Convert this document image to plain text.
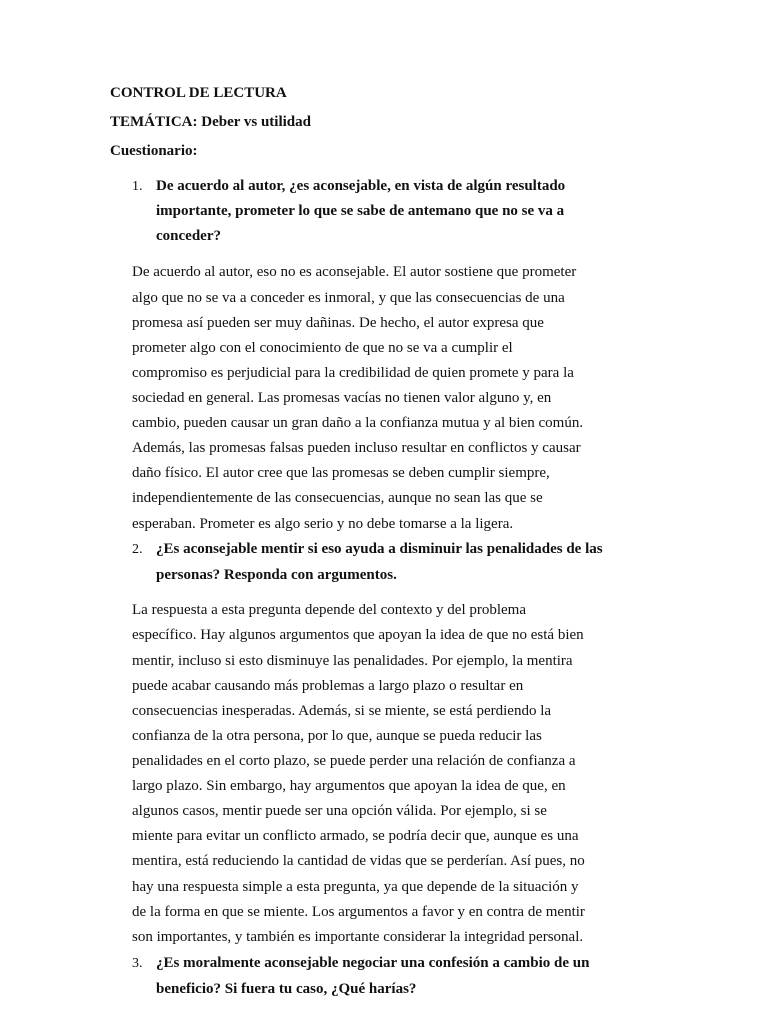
CONTROL DE LECTURA
TEMÁTICA: Deber vs utilidad
Cuestionario:
1. De acuerdo al autor, ¿es aconsejable, en vista de algún resultado
importante, prometer lo que se sabe de antemano que no se va a
conceder?
De acuerdo al autor, eso no es aconsejable. El autor sostiene que prometer
algo que no se va a conceder es inmoral, y que las consecuencias de una
promesa así pueden ser muy dañinas. De hecho, el autor expresa que
prometer algo con el conocimiento de que no se va a cumplir el
compromiso es perjudicial para la credibilidad de quien promete y para la
sociedad en general. Las promesas vacías no tienen valor alguno y, en
cambio, pueden causar un gran daño a la confianza mutua y al bien común.
Además, las promesas falsas pueden incluso resultar en conflictos y causar
daño físico. El autor cree que las promesas se deben cumplir siempre,
independientemente de las consecuencias, aunque no sean las que se
esperaban. Prometer es algo serio y no debe tomarse a la ligera.
2. ¿Es aconsejable mentir si eso ayuda a disminuir las penalidades de las
personas? Responda con argumentos.
La respuesta a esta pregunta depende del contexto y del problema
específico. Hay algunos argumentos que apoyan la idea de que no está bien
mentir, incluso si esto disminuye las penalidades. Por ejemplo, la mentira
puede acabar causando más problemas a largo plazo o resultar en
consecuencias inesperadas. Además, si se miente, se está perdiendo la
confianza de la otra persona, por lo que, aunque se pueda reducir las
penalidades en el corto plazo, se puede perder una relación de confianza a
largo plazo. Sin embargo, hay argumentos que apoyan la idea de que, en
algunos casos, mentir puede ser una opción válida. Por ejemplo, si se
miente para evitar un conflicto armado, se podría decir que, aunque es una
mentira, está reduciendo la cantidad de vidas que se perderían. Así pues, no
hay una respuesta simple a esta pregunta, ya que depende de la situación y
de la forma en que se miente. Los argumentos a favor y en contra de mentir
son importantes, y también es importante considerar la integridad personal.
3. ¿Es moralmente aconsejable negociar una confesión a cambio de un
beneficio? Si fuera tu caso, ¿Qué harías?
